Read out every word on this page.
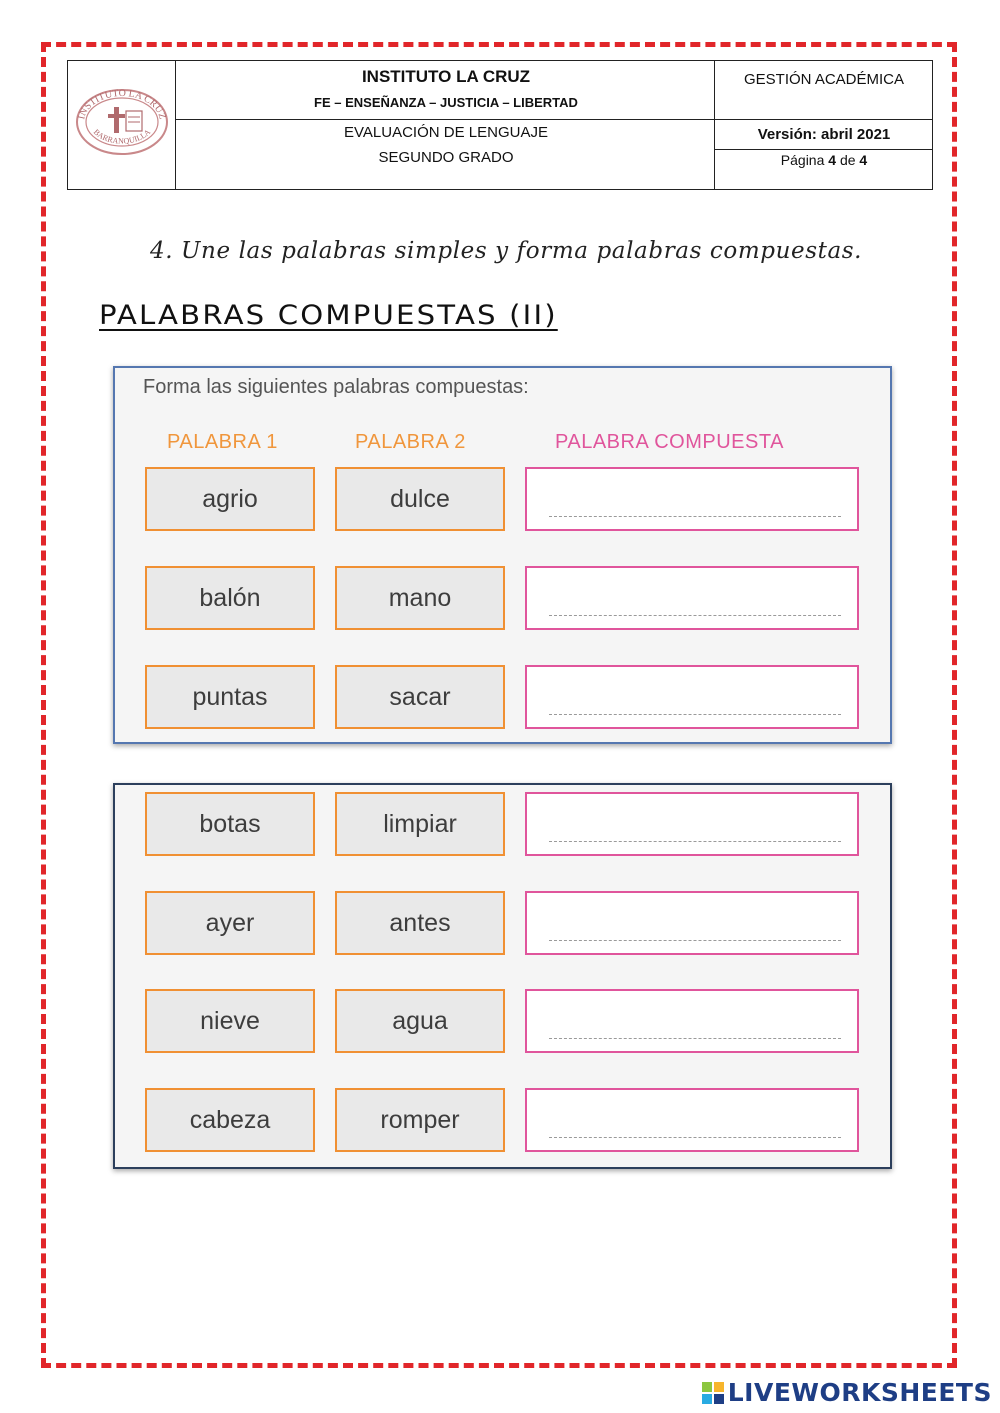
INSTITUTO LA CRUZ
BARRANQUILLA
INSTITUTO LA CRUZ
FE – ENSEÑANZA – JUSTICIA – LIBERTAD
EVALUACIÓN DE LENGUAJE
SEGUNDO GRADO
GESTIÓN ACADÉMICA
Versión: abril 2021
Página 4 de 4
4. Une las palabras simples y forma palabras compuestas.
PALABRAS COMPUESTAS (II)
Forma las siguientes palabras compuestas:
PALABRA 1	PALABRA 2	PALABRA COMPUESTA
agrio	dulce
balón	mano
puntas	sacar
botas	limpiar
ayer	antes
nieve	agua
cabeza	romper
LIVEWORKSHEETS
